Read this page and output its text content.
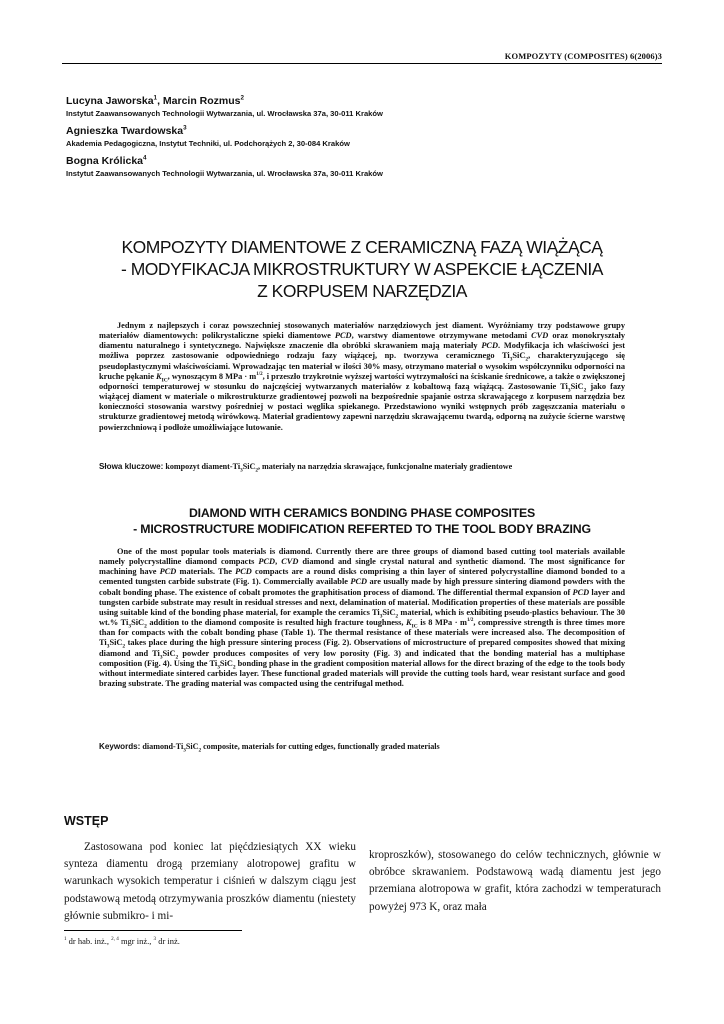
KOMPOZYTY (COMPOSITES) 6(2006)3
Lucyna Jaworska$^1$, Marcin Rozmus$^2$
Instytut Zaawansowanych Technologii Wytwarzania, ul. Wrocławska 37a, 30-011 Kraków
Agnieszka Twardowska$^3$
Akademia Pedagogiczna, Instytut Techniki, ul. Podchorążych 2, 30-084 Kraków
Bogna Królicka$^4$
Instytut Zaawansowanych Technologii Wytwarzania, ul. Wrocławska 37a, 30-011 Kraków
KOMPOZYTY DIAMENTOWE Z CERAMICZNĄ FAZĄ WIĄŻĄCĄ
- MODYFIKACJA MIKROSTRUKTURY W ASPEKCIE ŁĄCZENIA
Z KORPUSEM NARZĘDZIA

Jednym z najlepszych i coraz powszechniej stosowanych materiałów narzędziowych jest diament. Wyróżniamy trzy podstawowe grupy materiałów diamentowych: polikrystaliczne spieki diamentowe PCD, warstwy diamentowe otrzymywane metodami CVD oraz monokryształy diamentu naturalnego i syntetycznego. Największe znaczenie dla obróbki skrawaniem mają materiały PCD. Modyfikacja ich właściwości jest możliwa poprzez zastosowanie odpowiedniego rodzaju fazy wiążącej, np. tworzywa ceramicznego $Ti_3SiC_2$, charakteryzującego się pseudoplastycznymi właściwościami. Wprowadzając ten materiał w ilości 30% masy, otrzymano materiał o wysokim współczynniku odporności na kruche pękanie $K_{IC}$, wynoszącym 8 MPa · $m^{1/2}$, i przeszło trzykrotnie wyższej wartości wytrzymałości na ściskanie średnicowe, a także o zwiększonej odporności temperaturowej w stosunku do najczęściej wytwarzanych materiałów z kobaltową fazą wiążącą. Zastosowanie $Ti_3SiC_2$ jako fazy wiążącej diament w materiale o mikrostrukturze gradientowej pozwoli na bezpośrednie spajanie ostrza skrawającego z korpusem narzędzia bez konieczności stosowania warstwy pośredniej w postaci węglika spiekanego. Przedstawiono wyniki wstępnych prób zagęszczania materiału o strukturze gradientowej metodą wirówkową. Materiał gradientowy zapewni narzędziu skrawającemu twardą, odporną na zużycie ścierne warstwę powierzchniową i podłoże umożliwiające lutowanie.

Słowa kluczowe: kompozyt diament-$Ti_3SiC_2$, materiały na narzędzia skrawające, funkcjonalne materiały gradientowe
DIAMOND WITH CERAMICS BONDING PHASE COMPOSITES
- MICROSTRUCTURE MODIFICATION REFERTED TO THE TOOL BODY BRAZING

One of the most popular tools materials is diamond. Currently there are three groups of diamond based cutting tool materials available namely polycrystalline diamond compacts PCD, CVD diamond and single crystal natural and synthetic diamond. The most significance for machining have PCD materials. The PCD compacts are a round disks comprising a thin layer of sintered polycrystalline diamond bonded to a cemented tungsten carbide substrate (Fig. 1). Commercially available PCD are usually made by high pressure sintering diamond powders with the cobalt bonding phase. The existence of cobalt promotes the graphitisation process of diamond. The differential thermal expansion of PCD layer and tungsten carbide substrate may result in residual stresses and next, delamination of material. Modification properties of these materials are possible using suitable kind of the bonding phase material, for example the ceramics $Ti_3SiC_2$ material, which is exhibiting pseudo-plastics behaviour. The 30 wt.% $Ti_3SiC_2$ addition to the diamond composite is resulted high fracture toughness, $K_{IC}$ is 8 MPa · $m^{1/2}$, compressive strength is three times more than for compacts with the cobalt bonding phase (Table 1). The thermal resistance of these materials were increased also. The decomposition of $Ti_3SiC_2$ takes place during the high pressure sintering process (Fig. 2). Observations of microstructure of prepared composites showed that mixing diamond and $Ti_3SiC_2$ powder produces composites of very low porosity (Fig. 3) and indicated that the bonding material has a multiphase composition (Fig. 4). Using the $Ti_3SiC_2$ bonding phase in the gradient composition material allows for the direct brazing of the edge to the tools body without intermediate sintered carbides layer. These functional graded materials will provide the cutting tools hard, wear resistant surface and good brazing substrate. The grading material was compacted using the centrifugal method.

Keywords: diamond-$Ti_3SiC_2$ composite, materials for cutting edges, functionally graded materials
WSTĘP

Zastosowana pod koniec lat pięćdziesiątych XX wieku synteza diamentu drogą przemiany alotropowej grafitu w warunkach wysokich temperatur i ciśnień w dalszym ciągu jest podstawową metodą otrzymywania proszków diamentu (niestety głównie submikro- i mi-

kroproszków), stosowanego do celów technicznych, głównie w obróbce skrawaniem. Podstawową wadą diamentu jest jego przemiana alotropowa w grafit, która zachodzi w temperaturach powyżej 973 K, oraz mała

$^1$ dr hab. inż., $^{2, 4}$ mgr inż., $^3$ dr inż.
